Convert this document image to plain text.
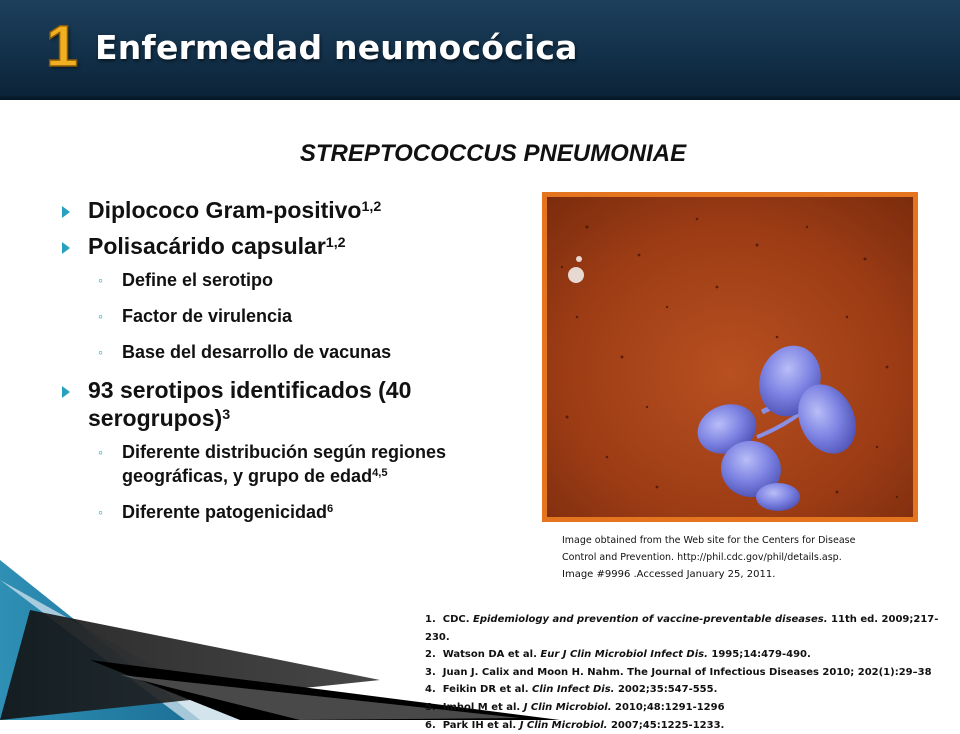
1 Enfermedad neumocócica
STREPTOCOCCUS PNEUMONIAE
Diplococo Gram-positivo$^{1,2}$
Polisacárido capsular$^{1,2}$
◦ Define el serotipo
◦ Factor de virulencia
◦ Base del desarrollo de vacunas
93 serotipos identificados (40 serogrupos)$^3$
◦ Diferente distribución según regiones geográficas, y grupo de edad$^{4,5}$
◦ Diferente patogenicidad$^6$
Image obtained from the Web site for the Centers for Disease
Control and Prevention. http://phil.cdc.gov/phil/details.asp.
Image #9996 .Accessed January 25, 2011.
1. CDC. Epidemiology and prevention of vaccine-preventable diseases. 11th ed. 2009;217-230.
2. Watson DA et al. Eur J Clin Microbiol Infect Dis. 1995;14:479-490.
3. Juan J. Calix and Moon H. Nahm. The Journal of Infectious Diseases 2010; 202(1):29–38
4. Feikin DR et al. Clin Infect Dis. 2002;35:547-555.
5. Imhol M et al. J Clin Microbiol. 2010;48:1291-1296
6. Park IH et al. J Clin Microbiol. 2007;45:1225-1233.
